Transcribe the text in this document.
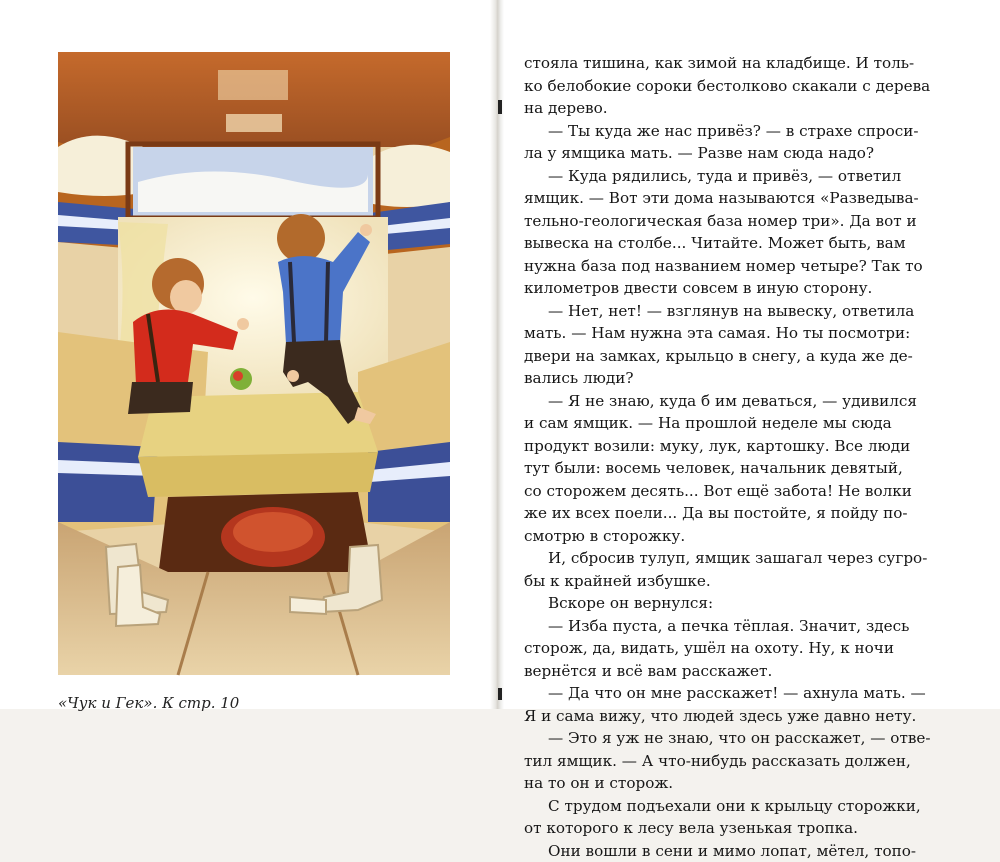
«Чук и Гек». К стр. 10

стояла тишина, как зимой на кладбище. И толь-
ко белобокие сороки бестолково скакали с дерева
на дерево.

— Ты куда же нас привёз? — в страхе спроси-
ла у ямщика мать. — Разве нам сюда надо?

— Куда рядились, туда и привёз, — ответил
ямщик. — Вот эти дома называются «Разведыва-
тельно-геологическая база номер три». Да вот и
вывеска на столбе... Читайте. Может быть, вам
нужна база под названием номер четыре? Так то
километров двести совсем в иную сторону.

— Нет, нет! — взглянув на вывеску, ответила
мать. — Нам нужна эта самая. Но ты посмотри:
двери на замках, крыльцо в снегу, а куда же де-
вались люди?

— Я не знаю, куда б им деваться, — удивился
и сам ямщик. — На прошлой неделе мы сюда
продукт возили: муку, лук, картошку. Все люди
тут были: восемь человек, начальник девятый,
со сторожем десять... Вот ещё забота! Не волки
же их всех поели... Да вы постойте, я пойду по-
смотрю в сторожку.

И, сбросив тулуп, ямщик зашагал через сугро-
бы к крайней избушке.

Вскоре он вернулся:

— Изба пуста, а печка тёплая. Значит, здесь
сторож, да, видать, ушёл на охоту. Ну, к ночи
вернётся и всё вам расскажет.

— Да что он мне расскажет! — ахнула мать. —
Я и сама вижу, что людей здесь уже давно нету.

— Это я уж не знаю, что он расскажет, — отве-
тил ямщик. — А что-нибудь рассказать должен,
на то он и сторож.

С трудом подъехали они к крыльцу сторожки,
от которого к лесу вела узенькая тропка.

Они вошли в сени и мимо лопат, мётел, топо-
